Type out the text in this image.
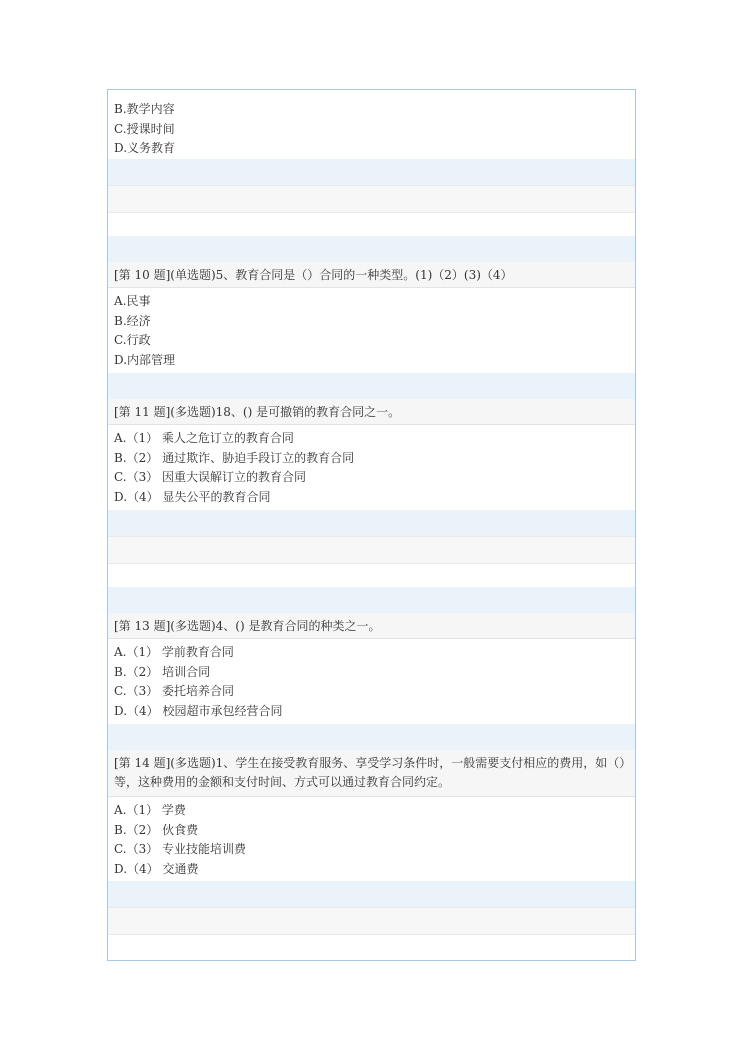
B.教学内容
C.授课时间
D.义务教育
[第 10 题](单选题)5、教育合同是（）合同的一种类型。(1)（2）(3)（4）
A.民事
B.经济
C.行政
D.内部管理
[第 11 题](多选题)18、() 是可撤销的教育合同之一。
A.（1） 乘人之危订立的教育合同
B.（2） 通过欺诈、胁迫手段订立的教育合同
C.（3） 因重大误解订立的教育合同
D.（4） 显失公平的教育合同
[第 13 题](多选题)4、() 是教育合同的种类之一。
A.（1） 学前教育合同
B.（2） 培训合同
C.（3） 委托培养合同
D.（4） 校园超市承包经营合同
[第 14 题](多选题)1、学生在接受教育服务、享受学习条件时，一般需要支付相应的费用，如（）等，这种费用的金额和支付时间、方式可以通过教育合同约定。
A.（1） 学费
B.（2） 伙食费
C.（3） 专业技能培训费
D.（4） 交通费
